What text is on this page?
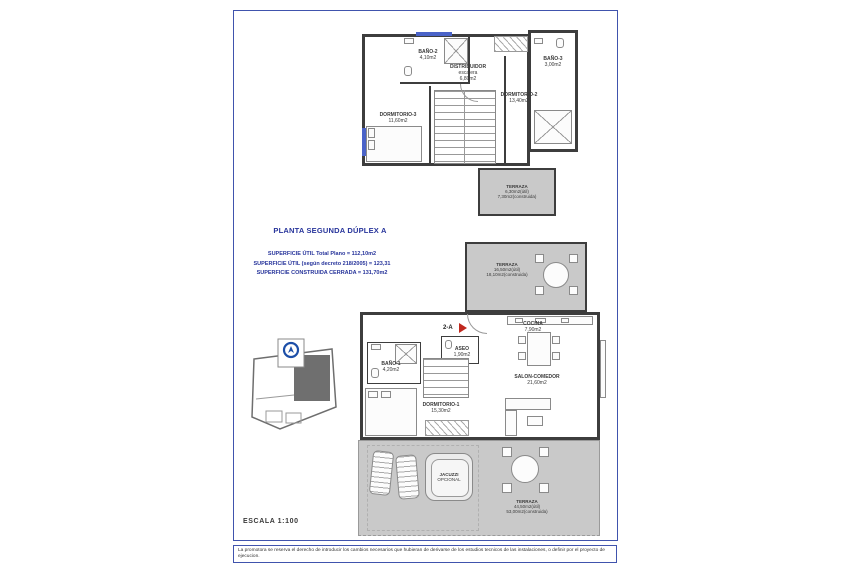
BAÑO-2
4,10m2
DISTRIBUIDOR
escalera
6,80m2
DORMITORIO-2
13,40m2
BAÑO-3
3,00m2
DORMITORIO-3
11,60m2
TERRAZA
6,30m2(útil)
7,30m2(construida)
PLANTA SEGUNDA DÚPLEX A
SUPERFICIE ÚTIL Total Plano = 112,10m2
SUPERFICIE ÚTIL (según decreto 218/2005) = 123,31
SUPERFICIE CONSTRUIDA CERRADA = 131,70m2
TERRAZA
16,50m2(útil)
18,10m2(construida)
2-A
ASEO
1,90m2
BAÑO-1
4,20m2
SALON-COMEDOR
21,60m2
DORMITORIO-1
15,30m2
COCINA
7,90m2
JACUZZI
OPCIONAL
TERRAZA
44,50m2(útil)
53,00m2(construida)
ESCALA 1:100
La promotora se reserva el derecho de introducir los cambios necesarios que hubieran de derivarse de los estudios tecnicos de las instalaciones, o definir por el proyecto de ejecucion.
